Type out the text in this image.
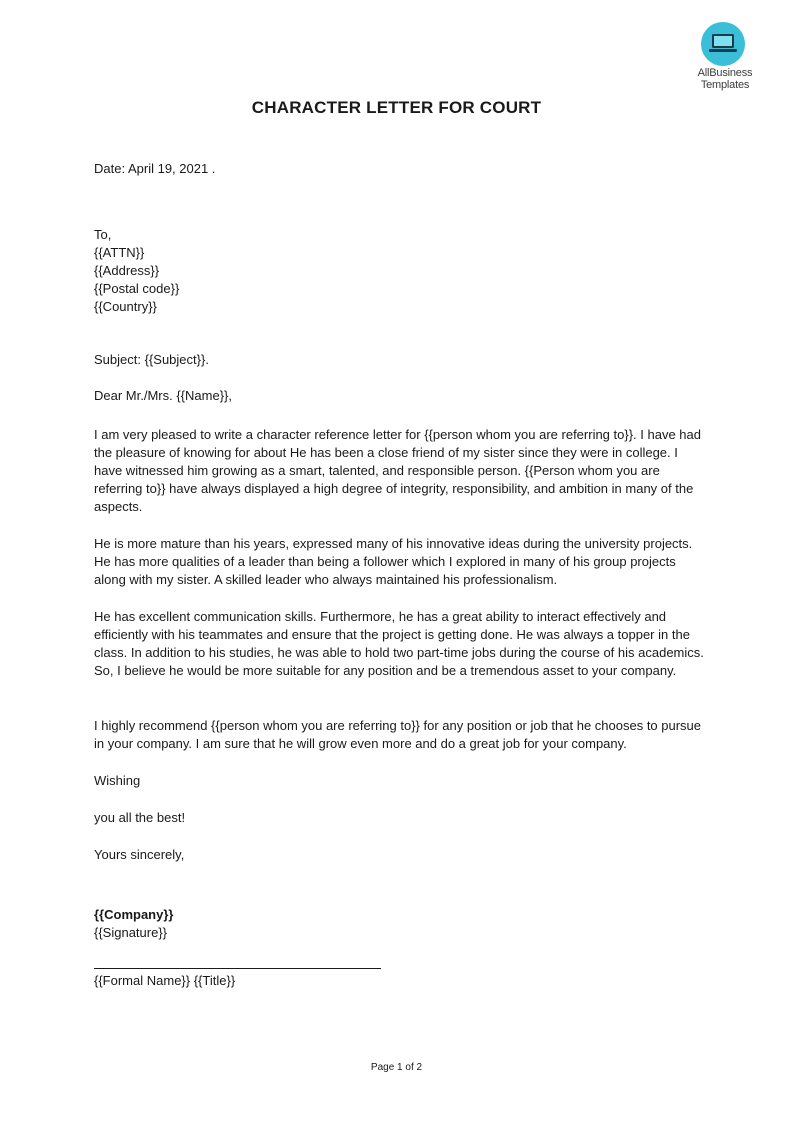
AllBusiness
Templates
CHARACTER LETTER FOR COURT
Date: April 19, 2021 .
To,
{{ATTN}}
{{Address}}
{{Postal code}}
{{Country}}
Subject: {{Subject}}.
Dear Mr./Mrs. {{Name}},
I am very pleased to write a character reference letter for {{person whom you are referring to}}. I have had the pleasure of knowing for about He has been a close friend of my sister since they were in college. I have witnessed him growing as a smart, talented, and responsible person. {{Person whom you are referring to}} have always displayed a high degree of integrity, responsibility, and ambition in many of the aspects.
He is more mature than his years, expressed many of his innovative ideas during the university projects. He has more qualities of a leader than being a follower which I explored in many of his group projects along with my sister. A skilled leader who always maintained his professionalism.
He has excellent communication skills. Furthermore, he has a great ability to interact effectively and efficiently with his teammates and ensure that the project is getting done. He was always a topper in the class. In addition to his studies, he was able to hold two part-time jobs during the course of his academics. So, I believe he would be more suitable for any position and be a tremendous asset to your company.
I highly recommend {{person whom you are referring to}} for any position or job that he chooses to pursue in your company. I am sure that he will grow even more and do a great job for your company.
Wishing
you all the best!
Yours sincerely,
{{Company}}
{{Signature}}
{{Formal Name}} {{Title}}
Page 1 of 2
